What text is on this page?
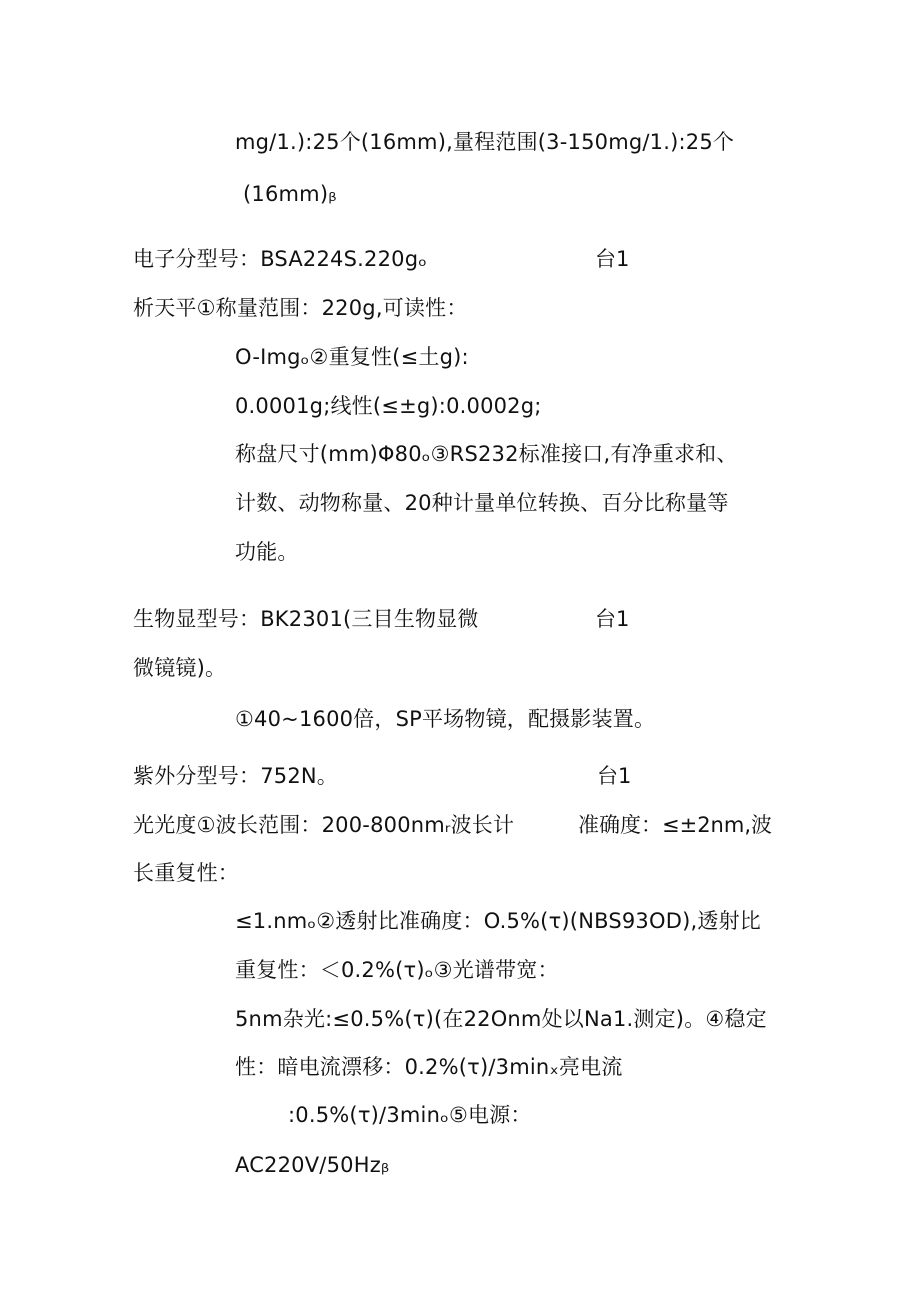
mg/1.):25个(16mm),量程范围(3-150mg∕1.):25个
(16mm)ᵦ
电子分型号：BSA224S.220gₒ	台1
析天平①称量范围：220g,可读性：
O-Imgₒ②重复性(≤土g):
0.0001g;线性(≤±g):0.0002g;
称盘尺寸(mm)Φ80ₒ③RS232标准接口,有净重求和、
计数、动物称量、20种计量单位转换、百分比称量等
功能。
生物显型号：BK2301(三目生物显微	台1
微镜镜)。
①40~1600倍，SP平场物镜，配摄影装置。
紫外分型号：752N。	台1
光光度①波长范围：200-800nmᵣ波长计	准确度：≤±2nm,波
长重复性：
≤1.nmₒ②透射比准确度：O.5%(τ)(NBS93OD),透射比
重复性：＜0.2%(τ)ₒ③光谱带宽：
5nm杂光:≤0.5%(τ)(在22Onm处以Na1.测定)。④稳定
性：暗电流漂移：0.2%(τ)∕3minₓ亮电流
:0.5%(τ)∕3minₒ⑤电源：
AC220V∕50Hzᵦ
